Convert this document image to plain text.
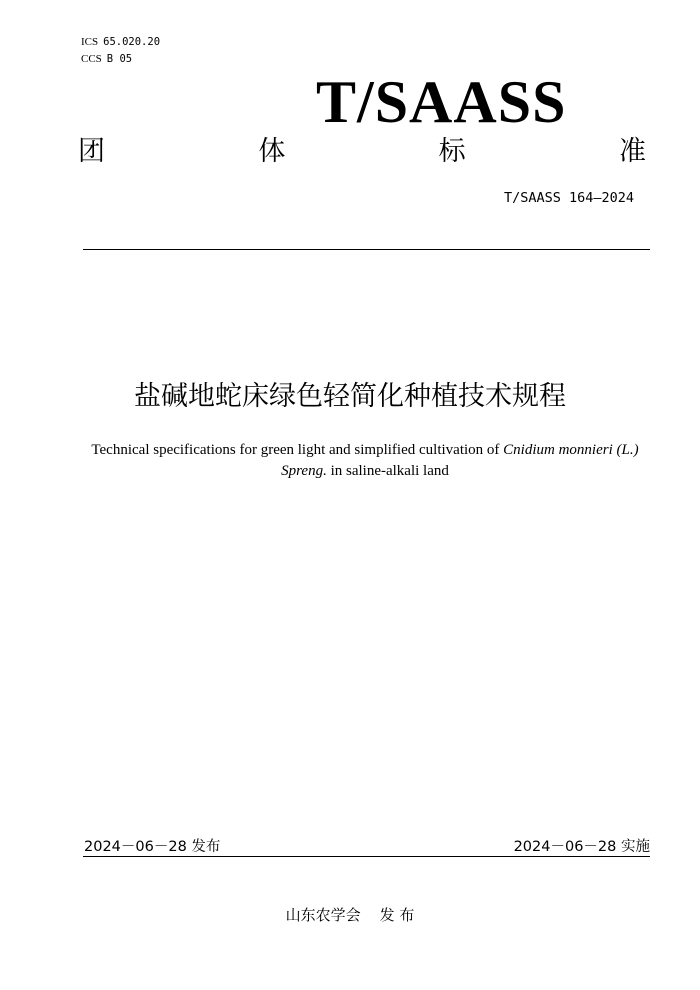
ICS 65.020.20
CCS B 05
T/SAASS
团	体	标	准
T/SAASS 164—2024
盐碱地蛇床绿色轻简化种植技术规程
Technical specifications for green light and simplified cultivation of Cnidium monnieri (L.) Spreng. in saline-alkali land
2024－06－28 发布	2024－06－28 实施
山东农学会    发 布
